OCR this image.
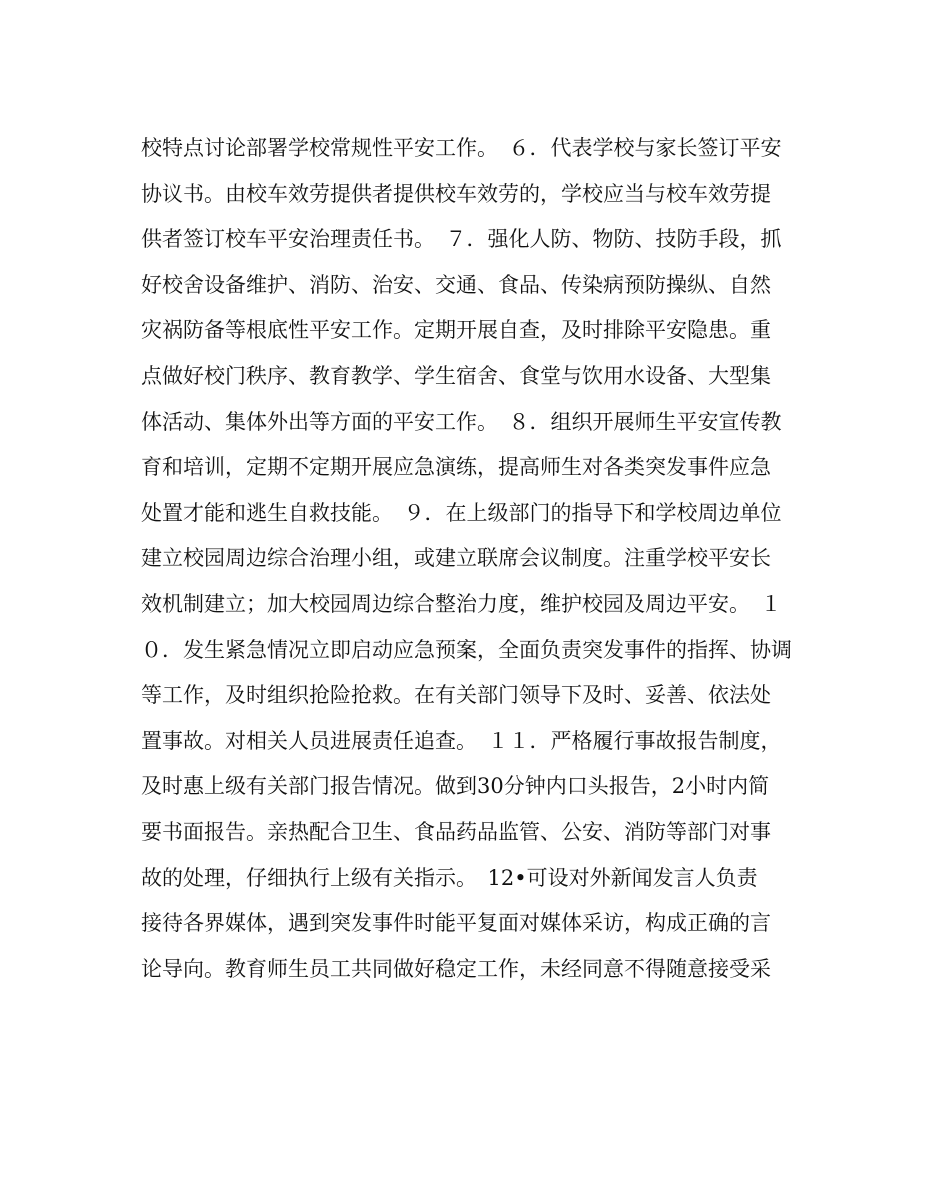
校特点讨论部署学校常规性平安工作。　６．代表学校与家长签订平安
协议书。由校车效劳提供者提供校车效劳的，学校应当与校车效劳提
供者签订校车平安治理责任书。　７．强化人防、物防、技防手段，抓
好校舍设备维护、消防、治安、交通、食品、传染病预防操纵、自然
灾祸防备等根底性平安工作。定期开展自查，及时排除平安隐患。重
点做好校门秩序、教育教学、学生宿舍、食堂与饮用水设备、大型集
体活动、集体外出等方面的平安工作。　８．组织开展师生平安宣传教
育和培训，定期不定期开展应急演练，提高师生对各类突发事件应急
处置才能和逃生自救技能。　９．在上级部门的指导下和学校周边单位
建立校园周边综合治理小组，或建立联席会议制度。注重学校平安长
效机制建立；加大校园周边综合整治力度，维护校园及周边平安。　１
０．发生紧急情况立即启动应急预案，全面负责突发事件的指挥、协调
等工作，及时组织抢险抢救。在有关部门领导下及时、妥善、依法处
置事故。对相关人员进展责任追查。　１１．严格履行事故报告制度，
及时惠上级有关部门报告情况。做到30分钟内口头报告，2小时内简
要书面报告。亲热配合卫生、食品药品监管、公安、消防等部门对事
故的处理，仔细执行上级有关指示。　12•可设对外新闻发言人负责
接待各界媒体，遇到突发事件时能平复面对媒体采访，构成正确的言
论导向。教育师生员工共同做好稳定工作，未经同意不得随意接受采
